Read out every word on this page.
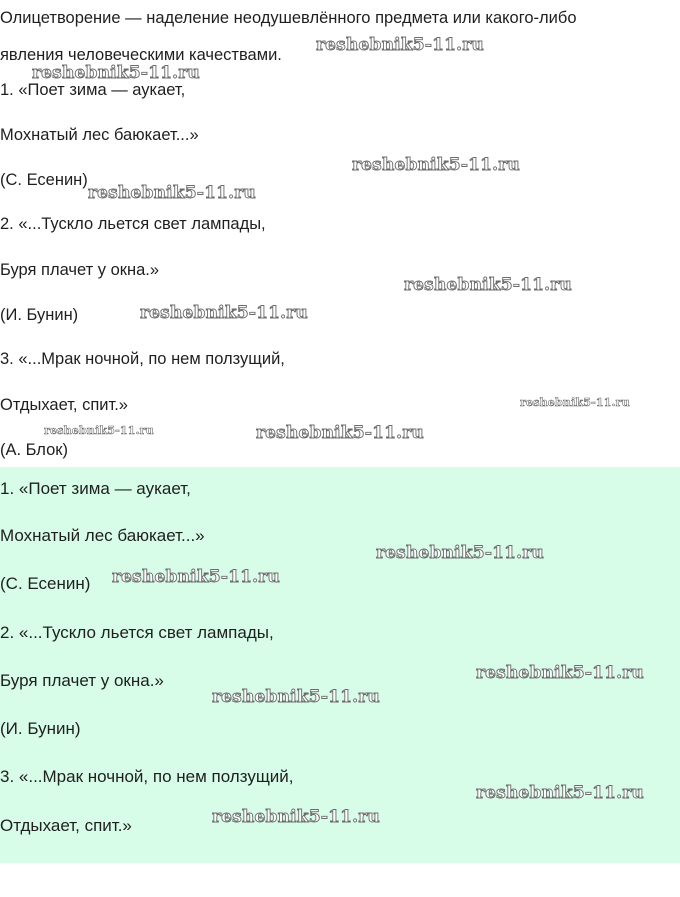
Олицетворение — наделение неодушевлённого предмета или какого-либо

явления человеческими качествами.

1. «Поет зима — аукает,

Мохнатый лес баюкает...»

(С. Есенин)

2. «...Тускло льется свет лампады,

Буря плачет у окна.»

(И. Бунин)

3. «...Мрак ночной, по нем ползущий,

Отдыхает, спит.»

(А. Блок)

1. «Поет зима — аукает,

Мохнатый лес баюкает...»

(С. Есенин)

2. «...Тускло льется свет лампады,

Буря плачет у окна.»

(И. Бунин)

3. «...Мрак ночной, по нем ползущий,

Отдыхает, спит.»

reshebnik5-11.ru
reshebnik5-11.ru
reshebnik5-11.ru
reshebnik5-11.ru
reshebnik5-11.ru
reshebnik5-11.ru
reshebnik5-11.ru
reshebnik5-11.ru	reshebnik5-11.ru
reshebnik5-11.ru
reshebnik5-11.ru
reshebnik5-11.ru
reshebnik5-11.ru
reshebnik5-11.ru
reshebnik5-11.ru
